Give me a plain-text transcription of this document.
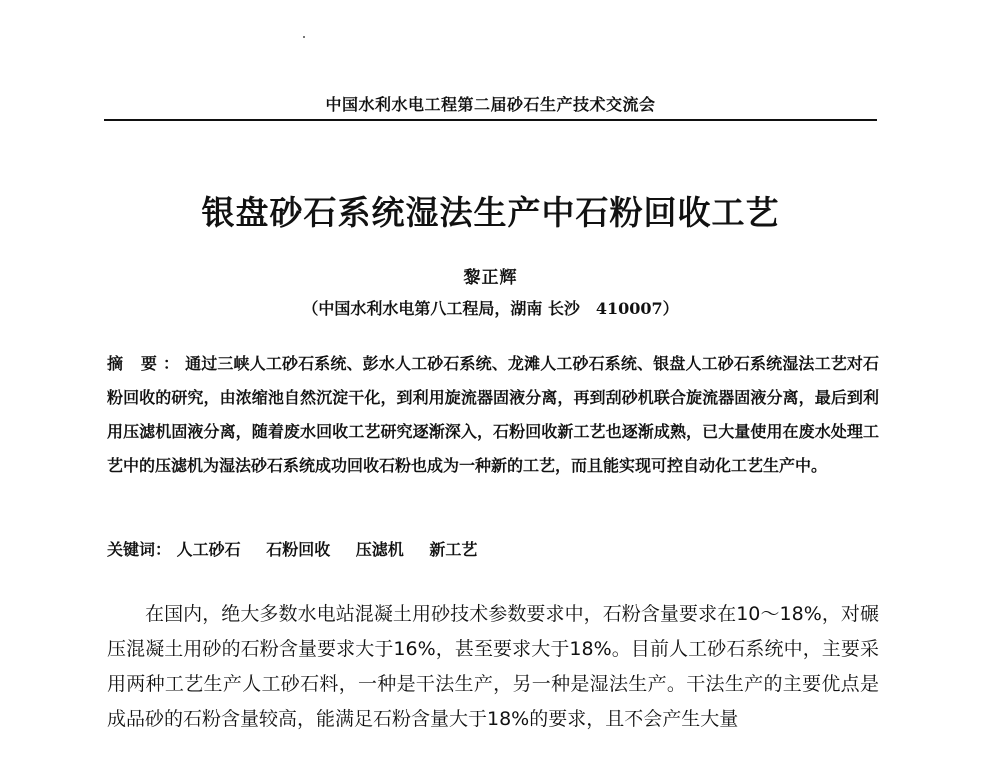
中国水利水电工程第二届砂石生产技术交流会
银盘砂石系统湿法生产中石粉回收工艺
黎正辉
（中国水利水电第八工程局，湖南 长沙　410007）
摘 要：通过三峡人工砂石系统、彭水人工砂石系统、龙滩人工砂石系统、银盘人工砂石系统湿法工艺对石粉回收的研究，由浓缩池自然沉淀干化，到利用旋流器固液分离，再到刮砂机联合旋流器固液分离，最后到利用压滤机固液分离，随着废水回收工艺研究逐渐深入，石粉回收新工艺也逐渐成熟，已大量使用在废水处理工艺中的压滤机为湿法砂石系统成功回收石粉也成为一种新的工艺，而且能实现可控自动化工艺生产中。
关键词： 人工砂石 石粉回收 压滤机 新工艺
在国内，绝大多数水电站混凝土用砂技术参数要求中，石粉含量要求在10～18%，对碾压混凝土用砂的石粉含量要求大于16%，甚至要求大于18%。目前人工砂石系统中，主要采用两种工艺生产人工砂石料，一种是干法生产，另一种是湿法生产。干法生产的主要优点是成品砂的石粉含量较高，能满足石粉含量大于18%的要求，且不会产生大量
